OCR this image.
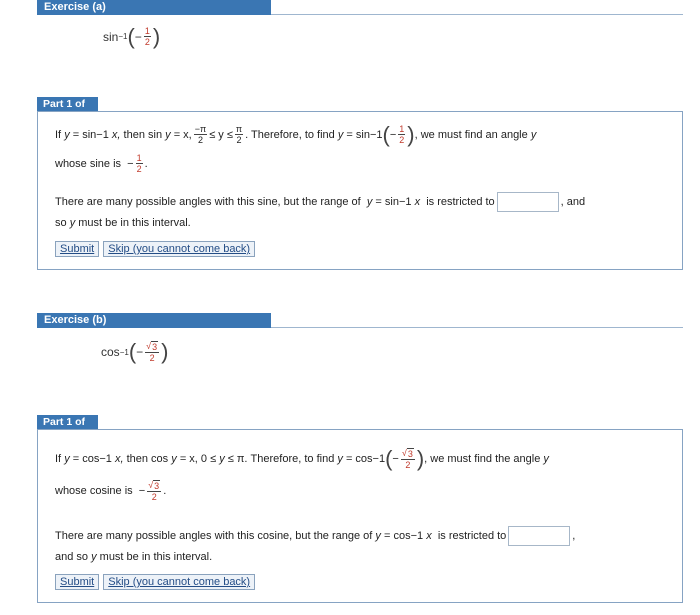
Exercise (a)
sin −1 ( − $\frac{1}{2}$ )
Part 1 of
If
y
= sin −1
x,
then sin
y
= x, $\frac{-\pi}{2} \le y \le \frac{\pi}{2}$ . Therefore, to find
y
= sin −1 ( − $\frac{1}{2}$ ) , we must find an angle
y
whose sine is
− $\frac{1}{2}$ .
There are many possible angles with this sine, but the range of
y
= sin −1
x
is restricted to	, and
so
y
must be in this interval.
Submit	Skip (you cannot come back)
Exercise (b)
cos −1 ( − $\frac{√ 3}{2}$ )
Part 1 of
If
y
= cos −1
x,
then cos
y
= x, 0 ≤
y
≤ π. Therefore, to find
y
= cos −1 ( − $\frac{√ 3}{2}$ ) , we must find the angle
y
whose cosine is
− $\frac{√ 3}{2}$ .
There are many possible angles with this cosine, but the range of
y
= cos −1
x
is restricted to	,
and so
y
must be in this interval.
Submit	Skip (you cannot come back)
